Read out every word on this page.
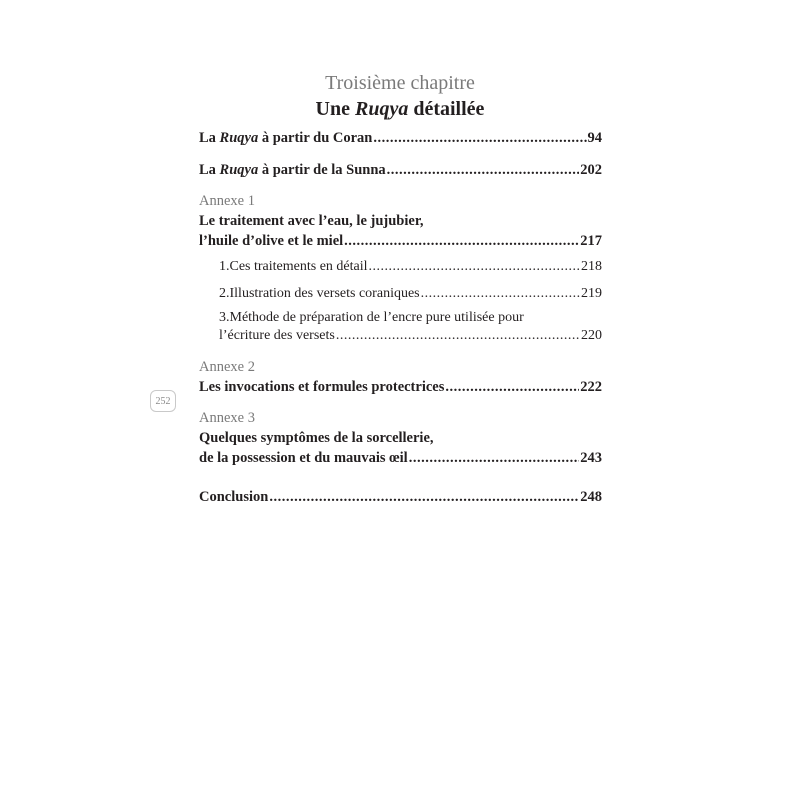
Troisième chapitre
Une Ruqya détaillée
252
La Ruqya à partir du Coran .....	94
La Ruqya à partir de la Sunna .....	202
Annexe 1
Le traitement avec l’eau, le jujubier,
l’huile d’olive et le miel .....	217
1.Ces traitements en détail .....	218
2.Illustration des versets coraniques .....	219
3.Méthode de préparation de l’encre pure utilisée pour
l’écriture des versets .....	220
Annexe 2
Les invocations et formules protectrices .....	222
Annexe 3
Quelques symptômes de la sorcellerie,
de la possession et du mauvais œil .....	243
Conclusion .....	248
